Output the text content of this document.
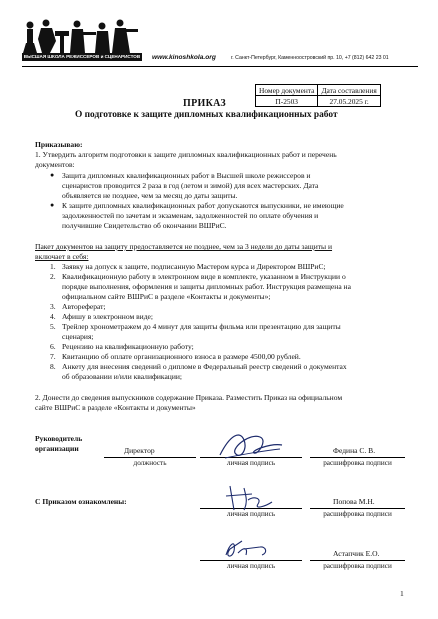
ВЫСШАЯ ШКОЛА РЕЖИССЕРОВ и СЦЕНАРИСТОВ www.kinoshkola.org	г. Санкт-Петербург, Каменноостровский пр. 10, +7 (812) 642 23 01
Номер документа	Дата составления
П-2503	27.05.2025 г.
ПРИКАЗ
О подготовке к защите дипломных квалификационных работ
Приказываю:
1. Утвердить алгоритм подготовки к защите дипломных квалификационных работ и перечень
документов:
● Защита дипломных квалификационных работ в Высшей школе режиссеров и
сценаристов проводится 2 раза в год (летом и зимой) для всех мастерских. Дата
объявляется не позднее, чем за месяц до даты защиты.
● К защите дипломных квалификационных работ допускаются выпускники, не имеющие
задолженностей по зачетам и экзаменам, задолженностей по оплате обучения и
получившие Свидетельство об окончании ВШРиС.
Пакет документов на защиту предоставляется не позднее, чем за 3 недели до даты защиты и
включает в себя:
1. Заявку на допуск к защите, подписанную Мастером курса и Директором ВШРиС;
2. Квалификационную работу в электронном виде в комплекте, указанном в Инструкции о
порядке выполнения, оформления и защиты дипломных работ. Инструкция размещена на
официальном сайте ВШРиС в разделе «Контакты и документы»;
3. Автореферат;
4. Афишу в электронном виде;
5. Трейлер хронометражем до 4 минут для защиты фильма или презентацию для защиты
сценария;
6. Рецензию на квалификационную работу;
7. Квитанцию об оплате организационного взноса в размере 4500,00 рублей.
8. Анкету для внесения сведений о дипломе в Федеральный реестр сведений о документах
об образовании и/или квалификации;
2. Донести до сведения выпускников содержание Приказа. Разместить Приказ на официальном
сайте ВШРиС в разделе «Контакты и документы»
Руководитель
организации	Директор
должность	личная подпись
Федина С. В.
расшифровка подписи
С Приказом ознакомлены:
личная подпись
Попова М.Н.
расшифровка подписи
личная подпись
Астапчик Е.О.
расшифровка подписи
1
